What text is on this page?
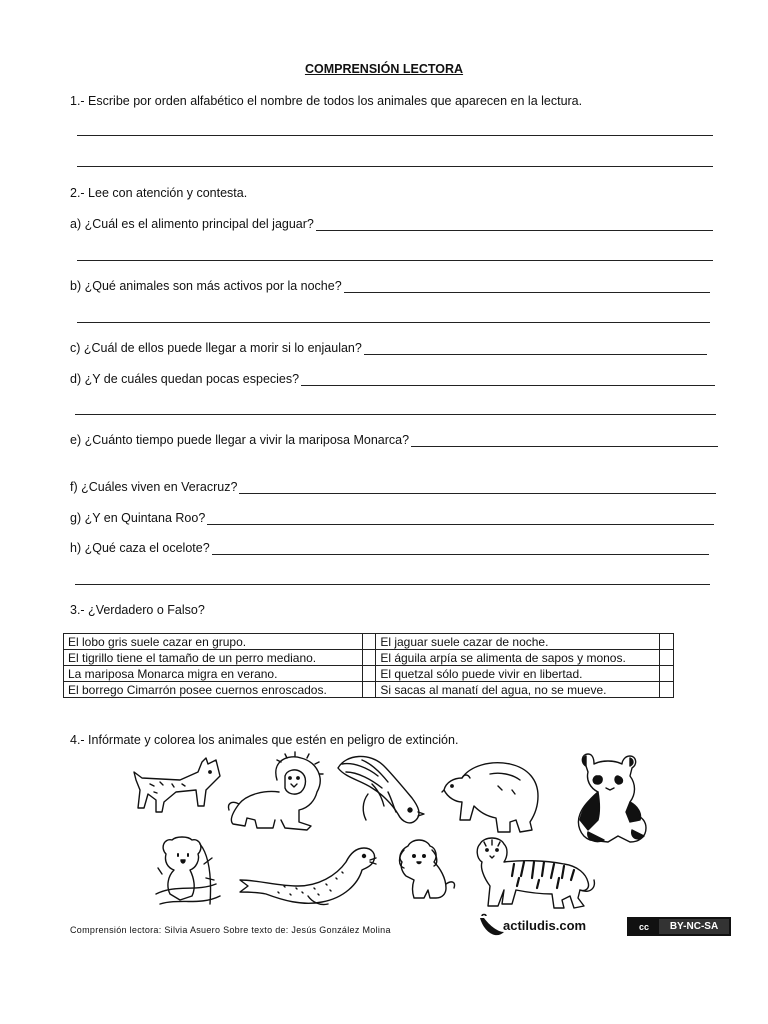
COMPRENSIÓN LECTORA
1.- Escribe por orden alfabético el nombre de todos los animales que aparecen en la lectura.
2.- Lee con atención y contesta.
a) ¿Cuál es el alimento principal del jaguar?
b) ¿Qué animales son más activos por la noche?
c) ¿Cuál de ellos puede llegar a morir si lo enjaulan?
d) ¿Y de cuáles quedan pocas especies?
e) ¿Cuánto tiempo puede llegar a vivir la mariposa Monarca?
f) ¿Cuáles viven en Veracruz?
g) ¿Y en Quintana Roo?
h) ¿Qué caza el ocelote?
3.- ¿Verdadero o Falso?
El lobo gris suele cazar en grupo.		El jaguar suele cazar de noche.	
El tigrillo tiene el tamaño de un perro mediano.		El águila arpía se alimenta de sapos y monos.	
La mariposa Monarca migra en verano.		El quetzal sólo puede vivir en libertad.	
El borrego Cimarrón posee cuernos enroscados.		Si sacas al manatí del agua, no se mueve.	
4.- Infórmate y colorea los animales que estén en peligro de extinción.
Comprensión lectora: Silvia Asuero Sobre texto de: Jesús González Molina	actiludis.com	cc	BY-NC-SA
